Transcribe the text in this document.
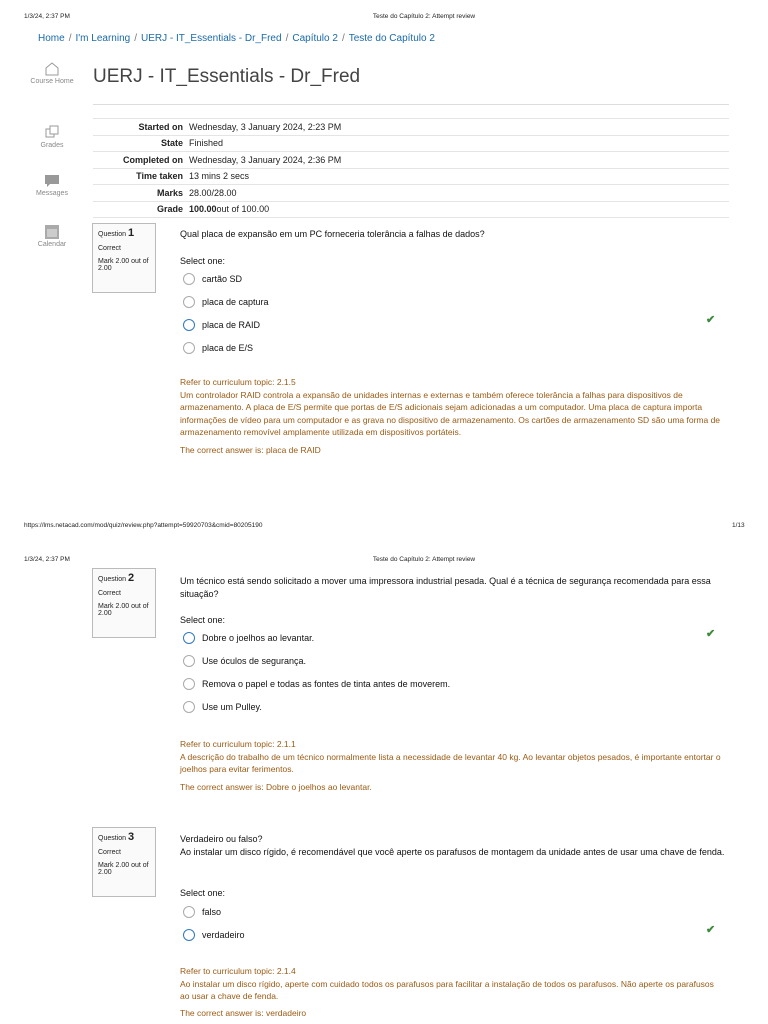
1/3/24, 2:37 PM	Teste do Capítulo 2: Attempt review
Home / I'm Learning / UERJ - IT_Essentials - Dr_Fred / Capítulo 2 / Teste do Capítulo 2
Course Home
Grades
Messages
Calendar
UERJ - IT_Essentials - Dr_Fred
Started on Wednesday, 3 January 2024, 2:23 PM
State Finished
Completed on Wednesday, 3 January 2024, 2:36 PM
Time taken 13 mins 2 secs
Marks 28.00/28.00
Grade 100.00 out of 100.00
Question 1
Correct
Mark 2.00 out of 2.00
Qual placa de expansão em um PC forneceria tolerância a falhas de dados?
Select one:
cartão SD
placa de captura
placa de RAID
placa de E/S
✔
Refer to curriculum topic: 2.1.5
Um controlador RAID controla a expansão de unidades internas e externas e também oferece tolerância a falhas para dispositivos de armazenamento. A placa de E/S permite que portas de E/S adicionais sejam adicionadas a um computador. Uma placa de captura importa informações de vídeo para um computador e as grava no dispositivo de armazenamento. Os cartões de armazenamento SD são uma forma de armazenamento removível amplamente utilizada em dispositivos portáteis.
The correct answer is: placa de RAID
https://lms.netacad.com/mod/quiz/review.php?attempt=59920703&cmid=80205190	1/13
1/3/24, 2:37 PM	Teste do Capítulo 2: Attempt review
Question 2
Correct
Mark 2.00 out of 2.00
Um técnico está sendo solicitado a mover uma impressora industrial pesada. Qual é a técnica de segurança recomendada para essa situação?
Select one:
Dobre o joelhos ao levantar.
Use óculos de segurança.
Remova o papel e todas as fontes de tinta antes de moverem.
Use um Pulley.
✔
Refer to curriculum topic: 2.1.1
A descrição do trabalho de um técnico normalmente lista a necessidade de levantar 40 kg. Ao levantar objetos pesados, é importante entortar o joelhos para evitar ferimentos.
The correct answer is: Dobre o joelhos ao levantar.
Question 3
Correct
Mark 2.00 out of 2.00
Verdadeiro ou falso?
Ao instalar um disco rígido, é recomendável que você aperte os parafusos de montagem da unidade antes de usar uma chave de fenda.
Select one:
falso
verdadeiro	✔
Refer to curriculum topic: 2.1.4
Ao instalar um disco rígido, aperte com cuidado todos os parafusos para facilitar a instalação de todos os parafusos. Não aperte os parafusos ao usar a chave de fenda.
The correct answer is: verdadeiro
